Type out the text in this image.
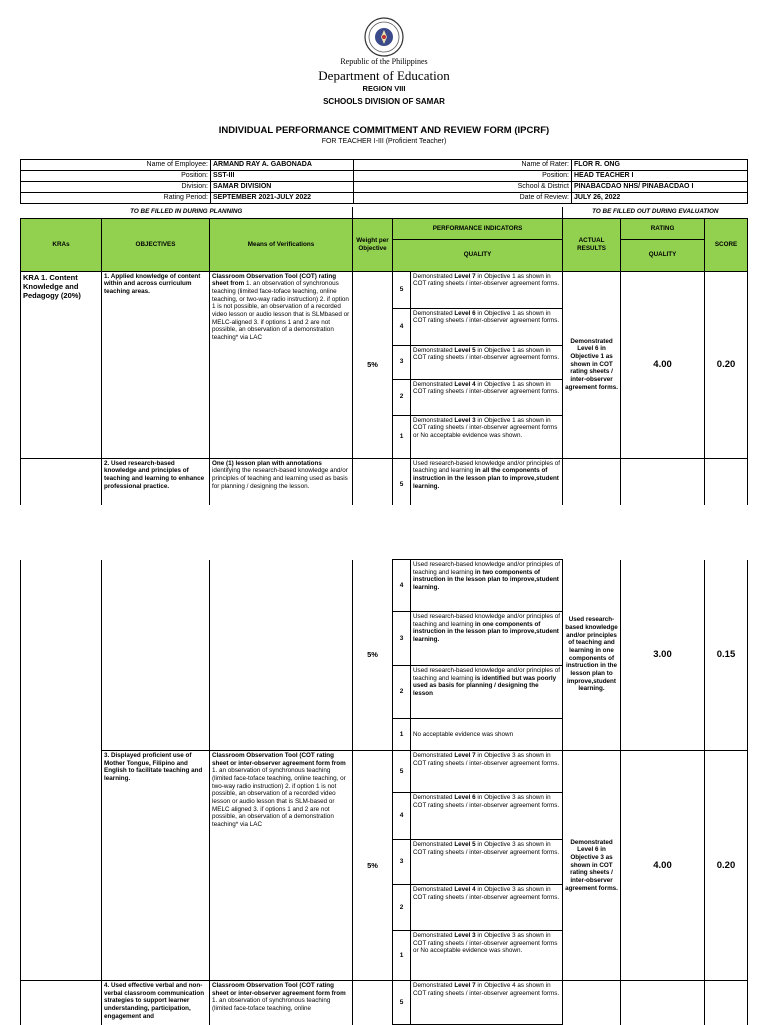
Republic of the Philippines
Department of Education
REGION VIII
SCHOOLS DIVISION OF SAMAR
INDIVIDUAL PERFORMANCE COMMITMENT AND REVIEW FORM (IPCRF)
FOR TEACHER I-III (Proficient Teacher)
Name of Employee:	ARMAND RAY A. GABONADA	Name of Rater:	FLOR R. ONG
Position:	SST-III	Position:	HEAD TEACHER I
Division:	SAMAR DIVISION	School & District	PINABACDAO NHS/ PINABACDAO I
Rating Period:	SEPTEMBER 2021-JULY 2022	Date of Review:	JULY 26, 2022
TO BE FILLED IN DURING PLANNING						TO BE FILLED OUT DURING EVALUATION		
KRAs	OBJECTIVES	Means of Verifications	Weight per Objective	PERFORMANCE INDICATORS		ACTUAL RESULTS	RATING	SCORE
				QUALITY			QUALITY	
KRA 1. Content Knowledge and Pedagogy (20%)	1. Applied knowledge of content within and across curriculum teaching areas.	Classroom Observation Tool (COT) rating sheet from 1. an observation of synchronous teaching (limited face-toface teaching, online teaching, or two-way radio instruction) 2. if option 1 is not possible, an observation of a recorded video lesson or audio lesson that is SLMbased or MELC-aligned 3. if options 1 and 2 are not possible, an observation of a demonstration teaching* via LAC	5%	5	Demonstrated Level 7 in Objective 1 as shown in COT rating sheets / inter-observer agreement forms.	Demonstrated Level 6 in Objective 1 as shown in COT rating sheets / inter-observer agreement forms.	4.00	0.20
				4	Demonstrated Level 6 in Objective 1 as shown in COT rating sheets / inter-observer agreement forms.			
				3	Demonstrated Level 5 in Objective 1 as shown in COT rating sheets / inter-observer agreement forms.			
				2	Demonstrated Level 4 in Objective 1 as shown in COT rating sheets / inter-observer agreement forms.			
				1	Demonstrated Level 3 in Objective 1 as shown in COT rating sheets / inter-observer agreement forms or No acceptable evidence was shown.			
	2. Used research-based knowledge and principles of teaching and learning to enhance professional practice.	One (1) lesson plan with annotations identifying the research-based knowledge and/or principles of teaching and learning used as basis for planning / designing the lesson.		5	Used research-based knowledge and/or principles of teaching and learning in all the components of instruction in the lesson plan to improve,student learning.			
			5%	4	Used research-based knowledge and/or principles of teaching and learning in two components of instruction in the lesson plan to improve,student learning.	Used research-based knowledge and/or principles of teaching and learning in one components of instruction in the lesson plan to improve,student learning.	3.00	0.15
				3	Used research-based knowledge and/or principles of teaching and learning in one components of instruction in the lesson plan to improve,student learning.			
				2	Used research-based knowledge and/or principles of teaching and learning is identified but was poorly used as basis for planning / designing the lesson			
				1	No acceptable evidence was shown			
	3. Displayed proficient use of Mother Tongue, Filipino and English to facilitate teaching and learning.	Classroom Observation Tool (COT rating sheet or inter-observer agreement form from 1. an observation of synchronous teaching (limited face-toface teaching, online teaching, or two-way radio instruction) 2. if option 1 is not possible, an observation of a recorded video lesson or audio lesson that is SLM-based or MELC aligned 3. if options 1 and 2 are not possible, an observation of a demonstration teaching* via LAC	5%	5	Demonstrated Level 7 in Objective 3 as shown in COT rating sheets / inter-observer agreement forms.	Demonstrated Level 6 in Objective 3 as shown in COT rating sheets / inter-observer agreement forms.	4.00	0.20
				4	Demonstrated Level 6 in Objective 3 as shown in COT rating sheets / inter-observer agreement forms.			
				3	Demonstrated Level 5 in Objective 3 as shown in COT rating sheets / inter-observer agreement forms.			
				2	Demonstrated Level 4 in Objective 3 as shown in COT rating sheets / inter-observer agreement forms.			
				1	Demonstrated Level 3 in Objective 3 as shown in COT rating sheets / inter-observer agreement forms or No acceptable evidence was shown.			
	4. Used effective verbal and non-verbal classroom communication strategies to support learner understanding, participation, engagement and	Classroom Observation Tool (COT rating sheet or inter-observer agreement form from 1. an observation of synchronous teaching (limited face-toface teaching, online		5	Demonstrated Level 7 in Objective 4 as shown in COT rating sheets / inter-observer agreement forms.			
